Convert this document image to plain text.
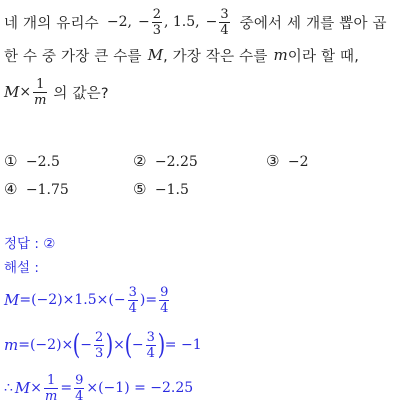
네 개의 유리수 −2, − $\frac{2}{3}$ , 1.5, − $\frac{3}{4}$ 중에서 세 개를 뽑아 곱
한 수 중 가장 큰 수를 M , 가장 작은 수를 m 이라 할 때,
$M \times \frac{1}{m}$ 의 값은?
① −2.5	② −2.25	③ −2
④ −1.75	⑤ −1.5
정답 : ②
해설 :
$M =(-2)\times 1.5\times(- \frac{3}{4}$ )= $\frac{9}{4}$
m =(−2)× ( − $\frac{2}{3}$ ) × ( − $\frac{3}{4}$ ) = −1
∴ $M \times \frac{1}{m} = \frac{9}{4} \times(-1) = -2.25$
